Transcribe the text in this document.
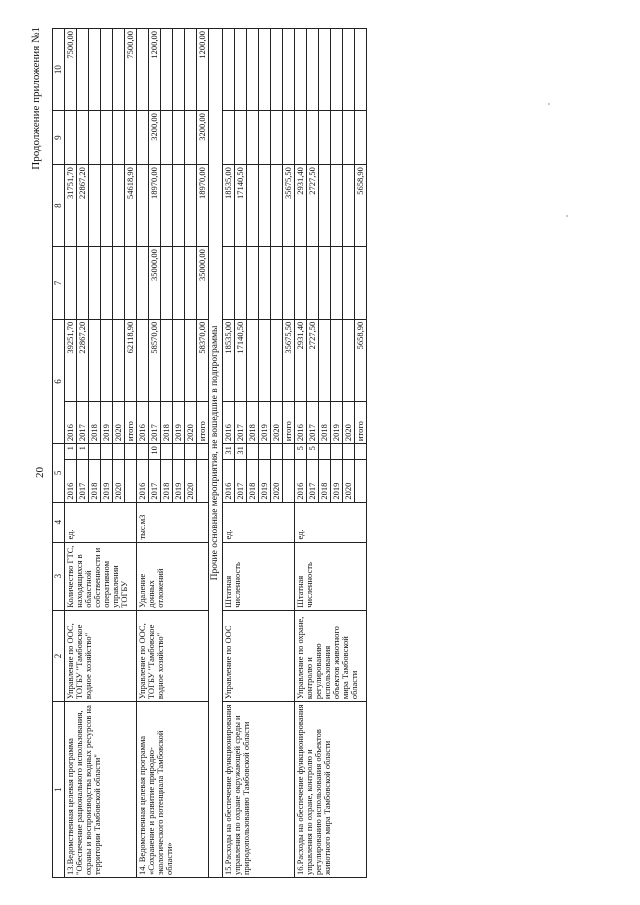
20
Продолжение приложения №1
1	2	3	4	5		6		7	8	9	10
13.Ведомственная целевая программа "Обеспечение рационального использования, охраны и воспроизводства водных ресурсов на территории Тамбовской области"	Управление по ООС, ТОГБУ "Тамбовское водное хозяйство"	Количество ГТС, находящихся в областной собственности и оперативном управлении ТОГБУ	ед.	2016	1	2016	39251,70		31751,70		7500,00
				2017	1	2017	22867,20		22867,20		
				2018		2018					
				2019		2019					
				2020		2020					
						итого	62118,90		54618,90		7500,00
14. Ведомственная целевая программа «Сохранение и развитие природно-экологического потенциала Тамбовской области»	Управление по ООС, ТОГБУ "Тамбовское водное хозяйство"	Удаление донных отложений	тыс.м3	2016		2016					
				2017	10	2017	58570,00	35000,00	18970,00	3200,00	1200,00
				2018		2018					
				2019		2019					
				2020		2020					
						итого	58370,00	35000,00	18970,00	3200,00	1200,00
Прочие основные мероприятия, не вошедшие в подпрограммы											
15.Расходы на обеспечение функционирования управления по охране окружающей среды и природопользованию Тамбовской области	Управление по ООС	Штатная численность	ед.	2016	31	2016	18535,00		18535,00		
				2017	31	2017	17140,50		17140,50		
				2018		2018					
				2019		2019					
				2020		2020					
						итого	35675,50		35675,50		
16.Расходы на обеспечение функционирования управления по охране, контролю и регулированию использования объектов животного мира Тамбовской области	Управление по охране, контролю и регулированию использования объектов животного мира Тамбовской области	Штатная численность	ед.	2016	5	2016	2931,40		2931,40		
				2017	5	2017	2727,50		2727,50		
				2018		2018					
				2019		2019					
				2020		2020					
						итого	5658,90		5658,90		
